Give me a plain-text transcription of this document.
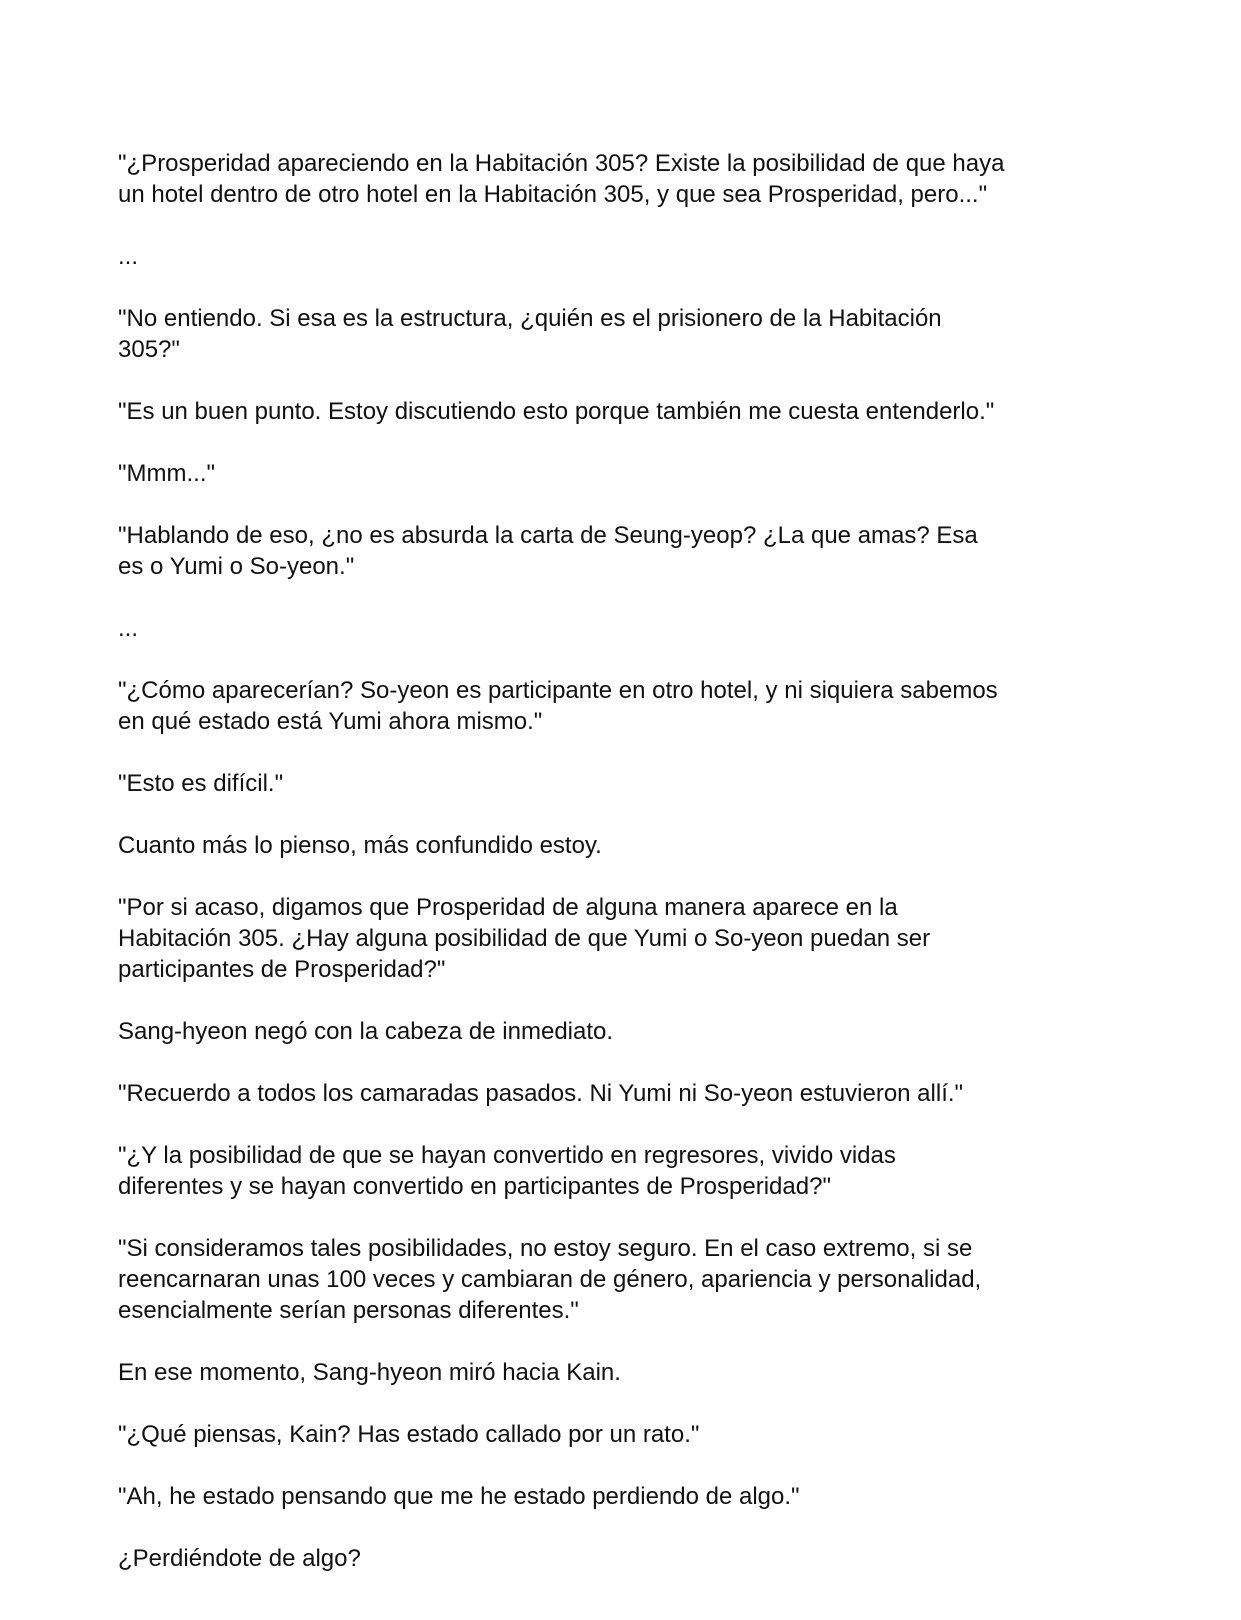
"¿Prosperidad apareciendo en la Habitación 305? Existe la posibilidad de que haya
un hotel dentro de otro hotel en la Habitación 305, y que sea Prosperidad, pero..."

...

"No entiendo. Si esa es la estructura, ¿quién es el prisionero de la Habitación
305?"

"Es un buen punto. Estoy discutiendo esto porque también me cuesta entenderlo."

"Mmm..."

"Hablando de eso, ¿no es absurda la carta de Seung-yeop? ¿La que amas? Esa
es o Yumi o So-yeon."

...

"¿Cómo aparecerían? So-yeon es participante en otro hotel, y ni siquiera sabemos
en qué estado está Yumi ahora mismo."

"Esto es difícil."

Cuanto más lo pienso, más confundido estoy.

"Por si acaso, digamos que Prosperidad de alguna manera aparece en la
Habitación 305. ¿Hay alguna posibilidad de que Yumi o So-yeon puedan ser
participantes de Prosperidad?"

Sang-hyeon negó con la cabeza de inmediato.

"Recuerdo a todos los camaradas pasados. Ni Yumi ni So-yeon estuvieron allí."

"¿Y la posibilidad de que se hayan convertido en regresores, vivido vidas
diferentes y se hayan convertido en participantes de Prosperidad?"

"Si consideramos tales posibilidades, no estoy seguro. En el caso extremo, si se
reencarnaran unas 100 veces y cambiaran de género, apariencia y personalidad,
esencialmente serían personas diferentes."

En ese momento, Sang-hyeon miró hacia Kain.

"¿Qué piensas, Kain? Has estado callado por un rato."

"Ah, he estado pensando que me he estado perdiendo de algo."

¿Perdiéndote de algo?
